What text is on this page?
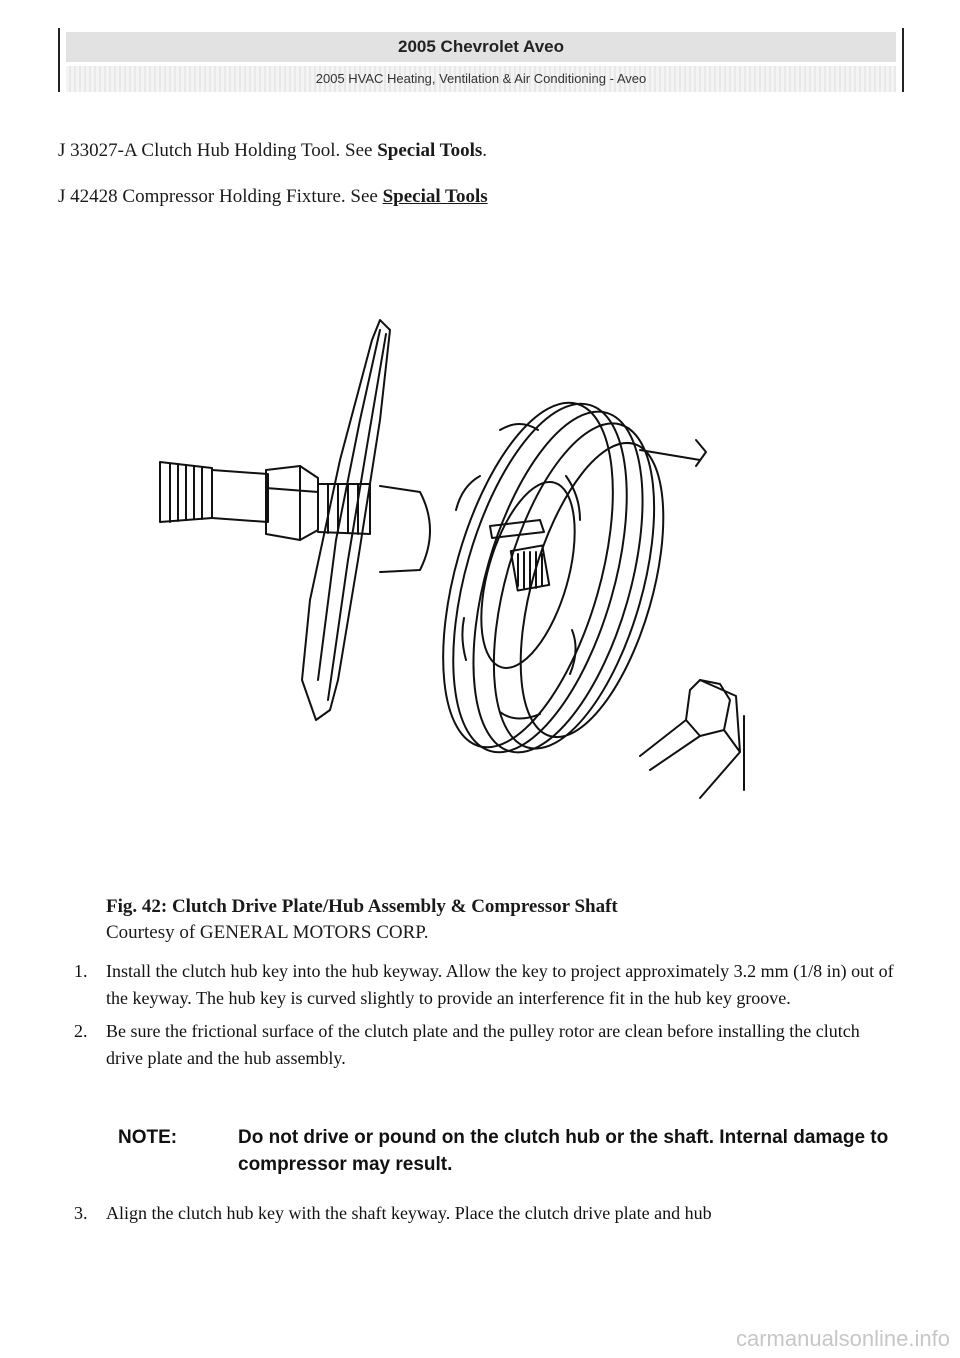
2005 Chevrolet Aveo
2005 HVAC Heating, Ventilation & Air Conditioning - Aveo
J 33027-A Clutch Hub Holding Tool. See Special Tools.
J 42428 Compressor Holding Fixture. See Special Tools
Fig. 42: Clutch Drive Plate/Hub Assembly & Compressor Shaft
Courtesy of GENERAL MOTORS CORP.
1. Install the clutch hub key into the hub keyway. Allow the key to project approximately 3.2 mm (1/8 in) out of the keyway. The hub key is curved slightly to provide an interference fit in the hub key groove.
2. Be sure the frictional surface of the clutch plate and the pulley rotor are clean before installing the clutch drive plate and the hub assembly.
NOTE:	Do not drive or pound on the clutch hub or the shaft. Internal damage to compressor may result.
3. Align the clutch hub key with the shaft keyway. Place the clutch drive plate and hub
carmanualsonline.info
